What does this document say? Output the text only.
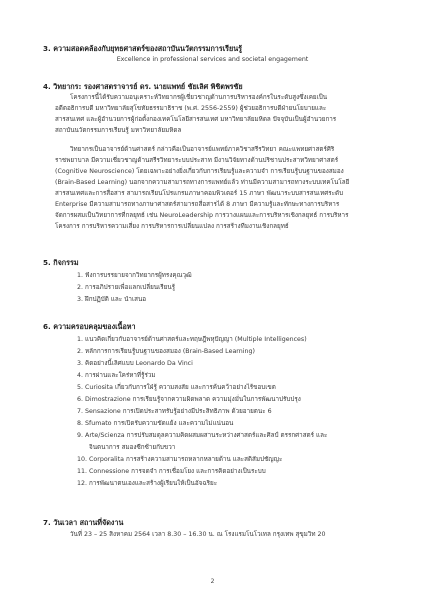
3. ความสอดคล้องกับยุทธศาสตร์ของสถาบันนวัตกรรมการเรียนรู้
Excellence in professional services and societal engagement
4. วิทยากร: รองศาสตราจารย์ ดร. นายแพทย์ ชัยเลิศ พิชิตพรชัย
โครงการนี้ได้รับความอนุเคราะห์วิทยากรผู้เชี่ยวชาญด้านการบริหารองค์กรในระดับสูงซึ่งเคยเป็น
อดีตอธิการบดี มหาวิทยาลัยสุโขทัยธรรมาธิราช (พ.ศ. 2556-2559) ผู้ช่วยอธิการบดีฝ่ายนโยบายและ
สารสนเทศ และผู้อำนวยการผู้ก่อตั้งกองเทคโนโลยีสารสนเทศ มหาวิทยาลัยมหิดล ปัจจุบันเป็นผู้อำนวยการ
สถาบันนวัตกรรมการเรียนรู้ มหาวิทยาลัยมหิดล
วิทยากรเป็นอาจารย์ด้านศาสตร์ กล่าวคือเป็นอาจารย์แพทย์ภาควิชาสรีรวิทยา คณะแพทยศาสตร์ศิริ
ราชพยาบาล มีความเชี่ยวชาญด้านสรีรวิทยาระบบประสาท มีงานวิจัยทางด้านปริชานประสาทวิทยาศาสตร์
(Cognitive Neuroscience) โดยเฉพาะอย่างยิ่งเกี่ยวกับการเรียนรู้และความจำ การเรียนรู้บนฐานของสมอง
(Brain-Based Learning) นอกจากความสามารถทางการแพทย์แล้ว ท่านมีความสามารถทางระบบเทคโนโลยี
สารสนเทศและการสื่อสาร สามารถเรียนโปรแกรมภาษาคอมพิวเตอร์ 15 ภาษา พัฒนาระบบสารสนเทศระดับ
Enterprise มีความสามารถทางภาษาศาสตร์สามารถสื่อสารได้ 8 ภาษา มีความรู้และทักษะทางการบริหาร
จัดการผสมเป็นวิทยาการที่กลยุทธ์ เช่น NeuroLeadership การวางแผนและการบริหารเชิงกลยุทธ์ การบริหาร
โครงการ การบริหารความเสี่ยง การบริหารการเปลี่ยนแปลง การสร้างทีมงานเชิงกลยุทธ์
5. กิจกรรม
1. ฟังการบรรยายจากวิทยากรผู้ทรงคุณวุฒิ
2. การอภิปรายเพื่อแลกเปลี่ยนเรียนรู้
3. ฝึกปฏิบัติ และ นำเสนอ
6. ความครอบคลุมของเนื้อหา
1. แนวคิดเกี่ยวกับอาจารย์ด้านศาสตร์และทฤษฎีพหุปัญญา (Multiple Intelligences)
2. หลักการการเรียนรู้บนฐานของสมอง (Brain-Based Learning)
3. คิดอย่างนี้เลิศแบบ Leonardo Da Vinci
4. การผ่านและใคร่หาที่รู้ร่วม
5. Curiosita เกี่ยวกับการใฝ่รู้ ความสงสัย และการค้นคว้าอย่างไร้ขอบเขต
6. Dimostrazione การเรียนรู้จากความผิดพลาด ความมุ่งมั่นในการพัฒนาปรับปรุง
7. Sensazione การเปิดประสาทรับรู้อย่างมีประสิทธิภาพ ด้วยอายตนะ 6
8. Sfumato การเปิดรับความขัดแย้ง และความไม่แน่นอน
9. Arte/Scienza การปรับสมดุลความคิดผสมผสานระหว่างศาสตร์และศิลป์ ตรรกศาสตร์ และ
จินตนาการ สมองซีกซ้ายกับขวา
10. Corporalita การสร้างความสามารถหลากหลายด้าน และสติสัมปชัญญะ
11. Connessione การจดจำ การเชื่อมโยง และการคิดอย่างเป็นระบบ
12. การพัฒนาตนเองและสร้างผู้เรียนให้เป็นอัจฉริยะ
7. วันเวลา สถานที่จัดงาน
วันที่ 23 – 25 สิงหาคม 2564 เวลา 8.30 – 16.30 น. ณ โรงแรมโนโวเทล กรุงเทพ สุขุมวิท 20
2
